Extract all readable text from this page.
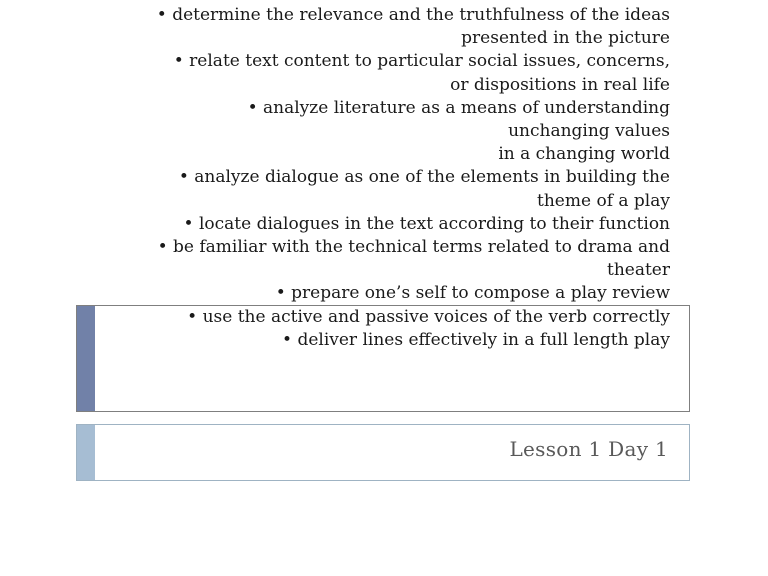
Lesson 1 Day 1
• determine the relevance and the truthfulness of the ideas
presented in the picture
• relate text content to particular social issues, concerns,
or dispositions in real life
• analyze literature as a means of understanding
unchanging values
in a changing world
• analyze dialogue as one of the elements in building the
theme of a play
• locate dialogues in the text according to their function
• be familiar with the technical terms related to drama and
theater
• prepare one’s self to compose a play review
• use the active and passive voices of the verb correctly
• deliver lines effectively in a full length play
